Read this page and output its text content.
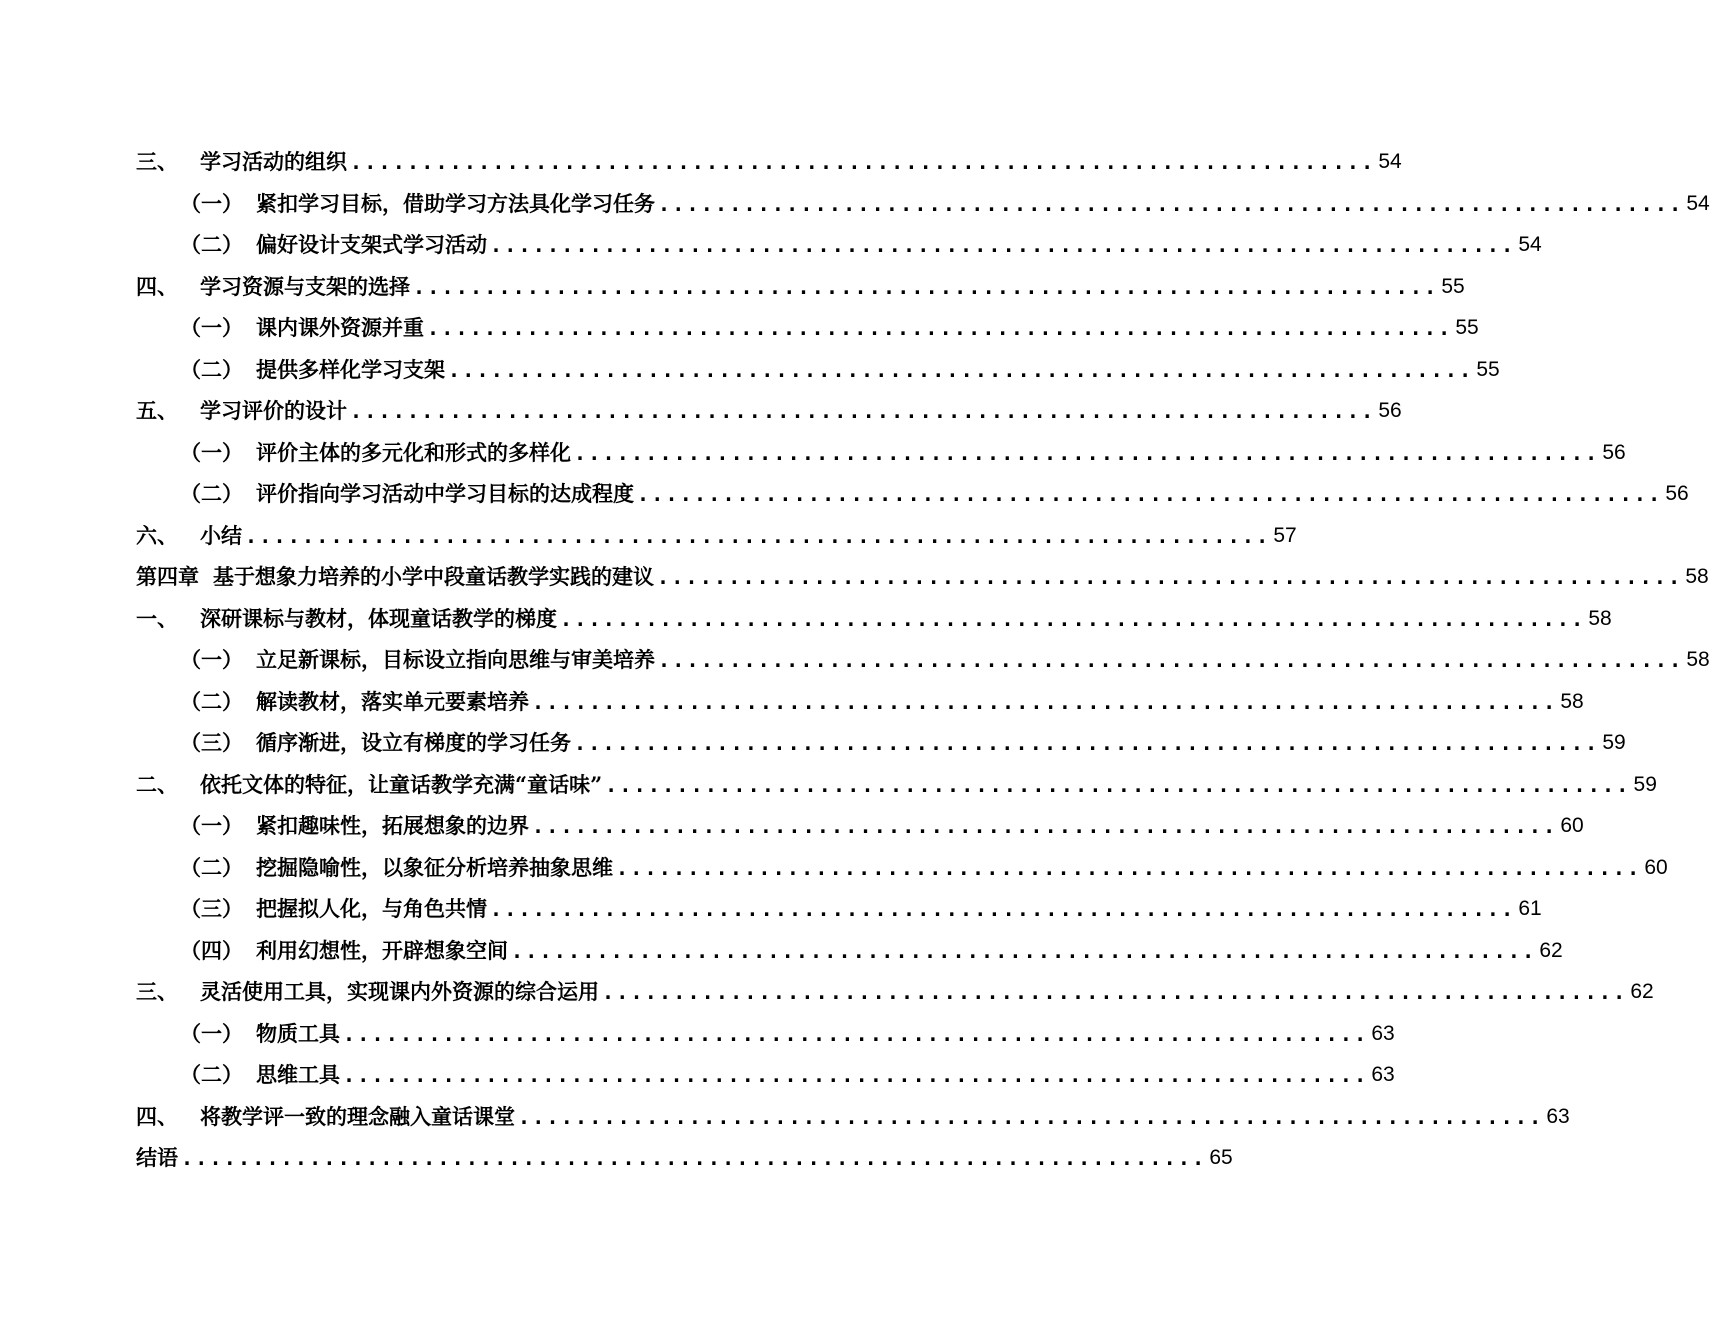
三、 学习活动的组织 ........................................................................ 54
（一） 紧扣学习目标，借助学习方法具化学习任务 ........................................................................ 54
（二） 偏好设计支架式学习活动 ........................................................................ 54
四、 学习资源与支架的选择 ........................................................................ 55
（一） 课内课外资源并重 ........................................................................ 55
（二） 提供多样化学习支架 ........................................................................ 55
五、 学习评价的设计 ........................................................................ 56
（一） 评价主体的多元化和形式的多样化 ........................................................................ 56
（二） 评价指向学习活动中学习目标的达成程度 ........................................................................ 56
六、 小结 ........................................................................ 57
第四章 基于想象力培养的小学中段童话教学实践的建议 ........................................................................ 58
一、 深研课标与教材，体现童话教学的梯度 ........................................................................ 58
（一） 立足新课标，目标设立指向思维与审美培养 ........................................................................ 58
（二） 解读教材，落实单元要素培养 ........................................................................ 58
（三） 循序渐进，设立有梯度的学习任务 ........................................................................ 59
二、 依托文体的特征，让童话教学充满“童话味” ........................................................................ 59
（一） 紧扣趣味性，拓展想象的边界 ........................................................................ 60
（二） 挖掘隐喻性，以象征分析培养抽象思维 ........................................................................ 60
（三） 把握拟人化，与角色共情 ........................................................................ 61
（四） 利用幻想性，开辟想象空间 ........................................................................ 62
三、 灵活使用工具，实现课内外资源的综合运用 ........................................................................ 62
（一） 物质工具 ........................................................................ 63
（二） 思维工具 ........................................................................ 63
四、 将教学评一致的理念融入童话课堂 ........................................................................ 63
结语 ........................................................................ 65
